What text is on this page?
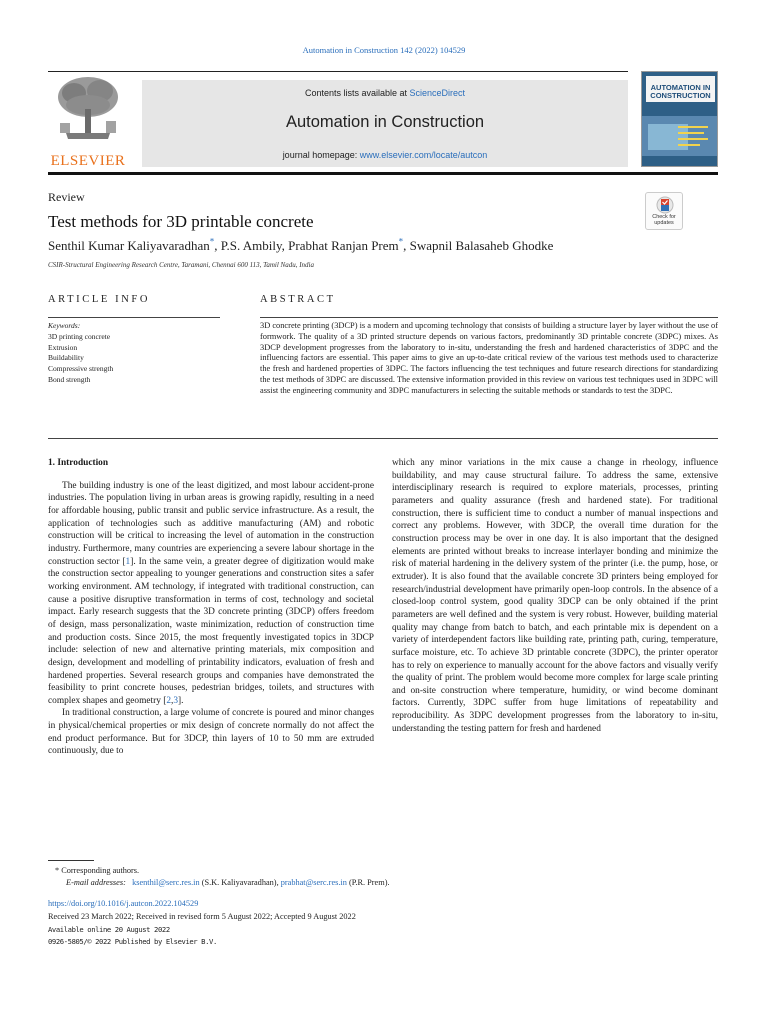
Automation in Construction 142 (2022) 104529
ELSEVIER
Contents lists available at ScienceDirect
Automation in Construction
journal homepage: www.elsevier.com/locate/autcon
AUTOMATION IN CONSTRUCTION
Review
Test methods for 3D printable concrete	Check for updates
Senthil Kumar Kaliyavaradhan*, P.S. Ambily, Prabhat Ranjan Prem*, Swapnil Balasaheb Ghodke
CSIR-Structural Engineering Research Centre, Taramani, Chennai 600 113, Tamil Nadu, India
ARTICLE INFO	ABSTRACT
Keywords:
3D printing concrete
Extrusion
Buildability
Compressive strength
Bond strength
3D concrete printing (3DCP) is a modern and upcoming technology that consists of building a structure layer by layer without the use of formwork. The quality of a 3D printed structure depends on various factors, predominantly 3D printable concrete (3DPC) mixes. As 3DCP development progresses from the laboratory to in-situ, understanding the fresh and hardened characteristics of 3DPC and the influencing factors are essential. This paper aims to give an up-to-date critical review of the various test methods used to characterize the fresh and hardened properties of 3DPC. The factors influencing the test techniques and future research directions for standardizing the test methods of 3DPC are discussed. The extensive information provided in this review on various test techniques used in 3DPC will assist the engineering community and 3DPC manufacturers in selecting the suitable methods or standards to test the 3DPC.
1. Introduction

The building industry is one of the least digitized, and most labour accident-prone industries. The population living in urban areas is growing rapidly, resulting in a need for affordable housing, public transit and public service infrastructure. As a result, the application of technologies such as additive manufacturing (AM) and robotic construction will be critical to increasing the level of automation in the construction industry. Furthermore, many countries are experiencing a severe labour shortage in the construction sector [1]. In the same vein, a greater degree of digitization would make the construction sector appealing to younger generations and construction sites a safer working environment. AM technology, if integrated with traditional construction, can cause a positive disruptive transformation in terms of cost, technology and societal impact. Early research suggests that the 3D concrete printing (3DCP) offers freedom of design, mass personalization, waste minimization, reduction of construction time and production costs. Since 2015, the most frequently investigated topics in 3DCP include: selection of new and alternative printing materials, mix composition and design, development and modelling of printability indicators, evaluation of fresh and hardened properties. Several research groups and companies have demonstrated the feasibility to print concrete houses, pedestrian bridges, toilets, and structures with complex shapes and geometry [2,3].

In traditional construction, a large volume of concrete is poured and minor changes in physical/chemical properties or mix design of concrete normally do not affect the end product performance. But for 3DCP, thin layers of 10 to 50 mm are extruded continuously, due to

which any minor variations in the mix cause a change in rheology, influence buildability, and may cause structural failure. To address the same, extensive interdisciplinary research is required to explore materials, processes, printing parameters and quality assurance (fresh and hardened state). For traditional construction, there is sufficient time to conduct a number of manual inspections and correct any problems. However, with 3DCP, the overall time duration for the construction process may be over in one day. It is also important that the designed elements are printed without breaks to increase interlayer bonding and minimize the risk of material hardening in the delivery system of the printer (i.e. the pump, hose, or extruder). It is also found that the available concrete 3D printers being employed for research/industrial development have primarily open-loop controls. In the absence of a closed-loop control system, good quality 3DCP can be only obtained if the print parameters are well defined and the system is very robust. However, building material quality may change from batch to batch, and each printable mix is dependent on a variety of interdependent factors like building rate, printing path, curing, temperature, surface moisture, etc. To achieve 3D printable concrete (3DPC), the printer operator has to rely on experience to manually account for the above factors and visually verify the quality of print. The problem would become more complex for large scale printing and on-site construction where temperature, humidity, or wind become dominant factors. Currently, 3DPC suffer from huge limitations of repeatability and reproducibility. As 3DPC development progresses from the laboratory to in-situ, understanding the testing pattern for fresh and hardened

* Corresponding authors.
E-mail addresses: ksenthil@serc.res.in (S.K. Kaliyavaradhan), prabhat@serc.res.in (P.R. Prem).
https://doi.org/10.1016/j.autcon.2022.104529
Received 23 March 2022; Received in revised form 5 August 2022; Accepted 9 August 2022
Available online 20 August 2022
0926-5805/© 2022 Published by Elsevier B.V.
